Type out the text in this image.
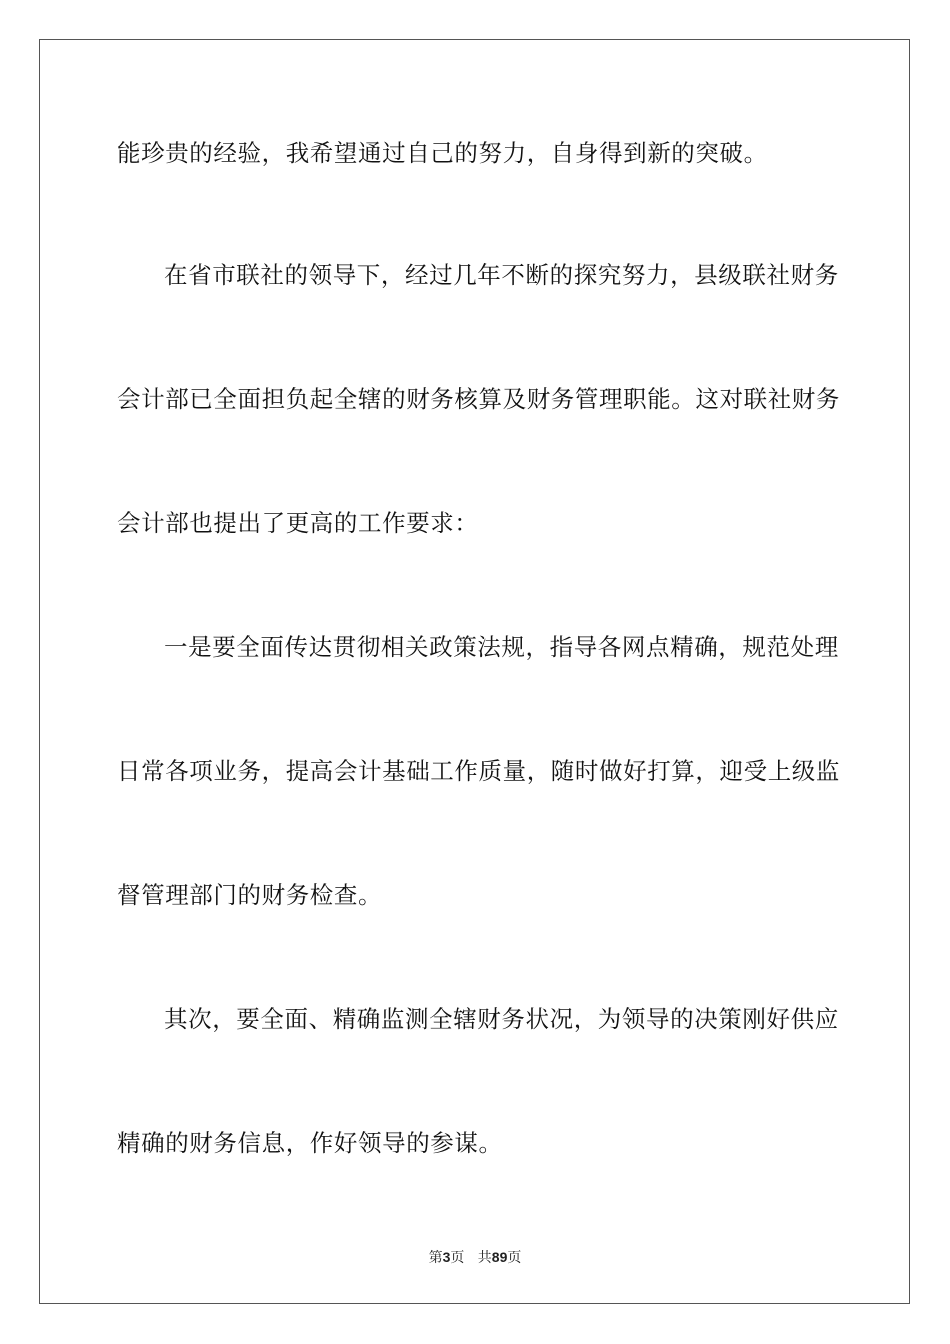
能珍贵的经验，我希望通过自己的努力，自身得到新的突破。
在省市联社的领导下，经过几年不断的探究努力，县级联社财务
会计部已全面担负起全辖的财务核算及财务管理职能。这对联社财务
会计部也提出了更高的工作要求：
一是要全面传达贯彻相关政策法规，指导各网点精确，规范处理
日常各项业务，提高会计基础工作质量，随时做好打算，迎受上级监
督管理部门的财务检查。
其次，要全面、精确监测全辖财务状况，为领导的决策刚好供应
精确的财务信息，作好领导的参谋。
第3页 共89页
